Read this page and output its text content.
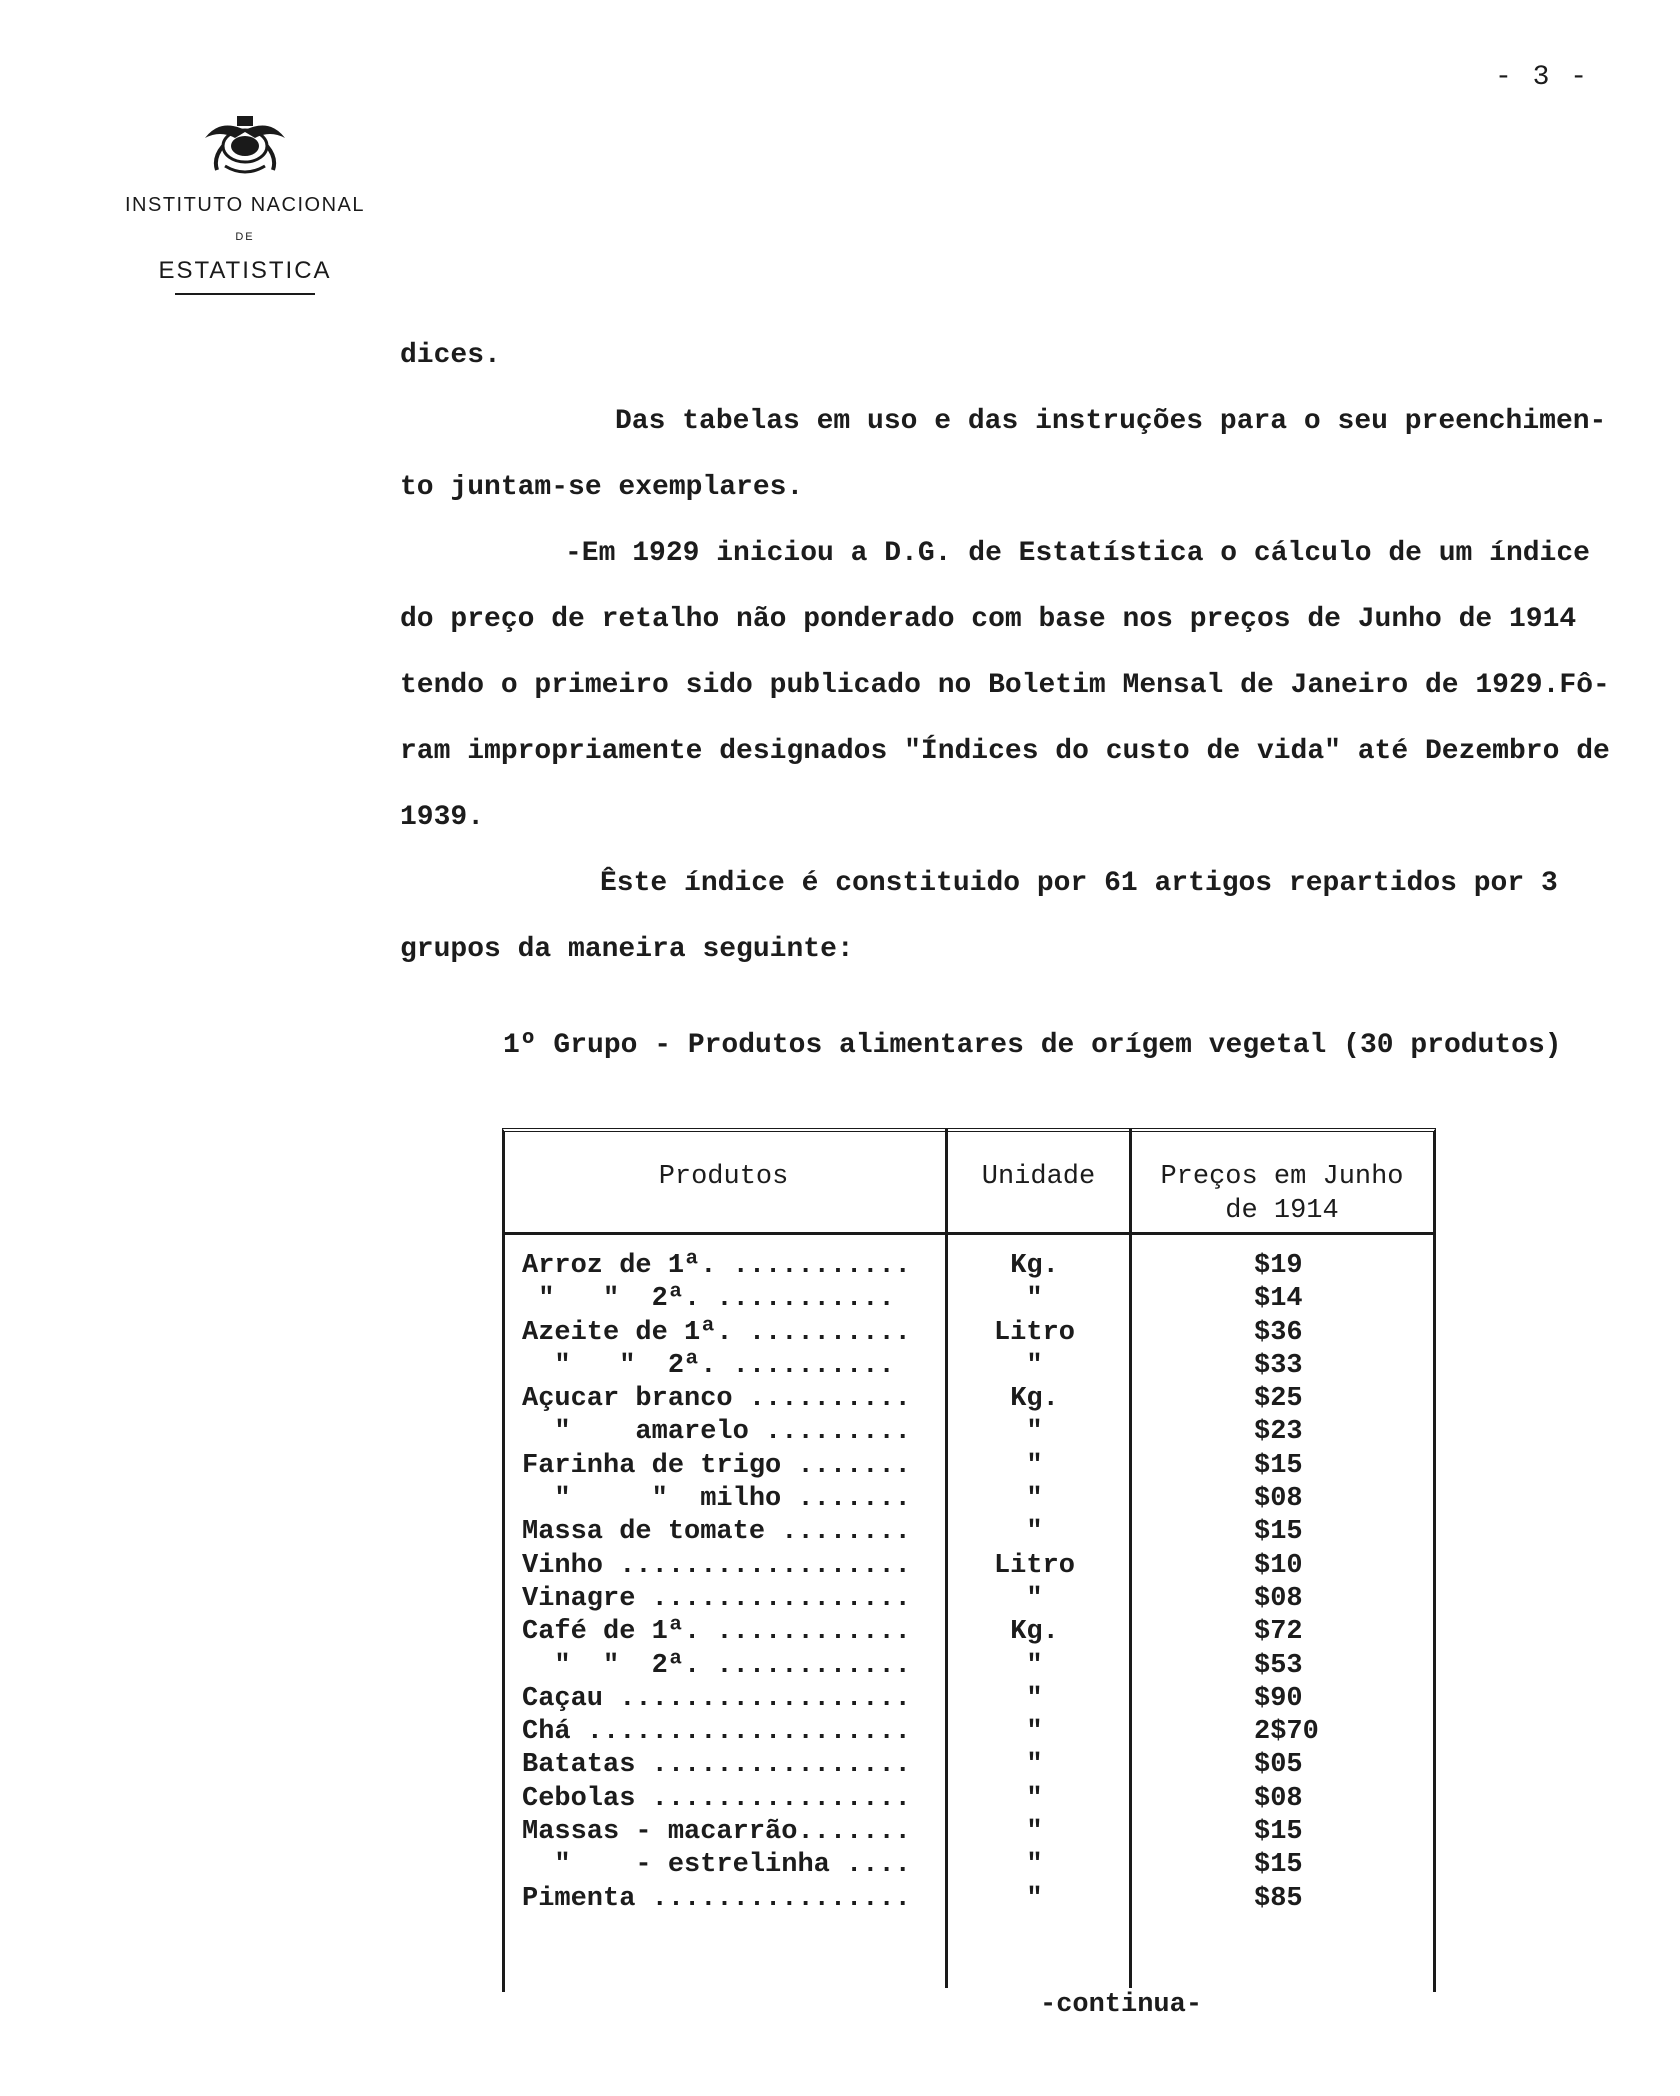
- 3 -
INSTITUTO NACIONAL
DE
ESTATISTICA
dices.
Das tabelas em uso e das instruções para o seu preenchimen-
to juntam-se exemplares.
-Em 1929 iniciou a D.G. de Estatística o cálculo de um índice
do preço de retalho não ponderado com base nos preços de Junho de 1914
tendo o primeiro sido publicado no Boletim Mensal de Janeiro de 1929.Fô-
ram impropriamente designados "Índices do custo de vida" até Dezembro de
1939.
Êste índice é constituido por 61 artigos repartidos por 3
grupos da maneira seguinte:
1º Grupo - Produtos alimentares de orígem vegetal (30 produtos)
Produtos	Unidade	Preços em Junho
de 1914
Arroz de 1ª. ...........	Kg.	$19
"   "  2ª. ...........	"	$14
Azeite de 1ª. ..........	Litro	$36
"   "  2ª. ..........	"	$33
Açucar branco ..........	Kg.	$25
"    amarelo .........	"	$23
Farinha de trigo .......	"	$15
"     "  milho .......	"	$08
Massa de tomate ........	"	$15
Vinho ..................	Litro	$10
Vinagre ................	"	$08
Café de 1ª. ............	Kg.	$72
"  "  2ª. ............	"	$53
Caçau ..................	"	$90
Chá ....................	"	2$70
Batatas ................	"	$05
Cebolas ................	"	$08
Massas - macarrão.......	"	$15
"    - estrelinha ....	"	$15
Pimenta ................	"	$85
-continua-
